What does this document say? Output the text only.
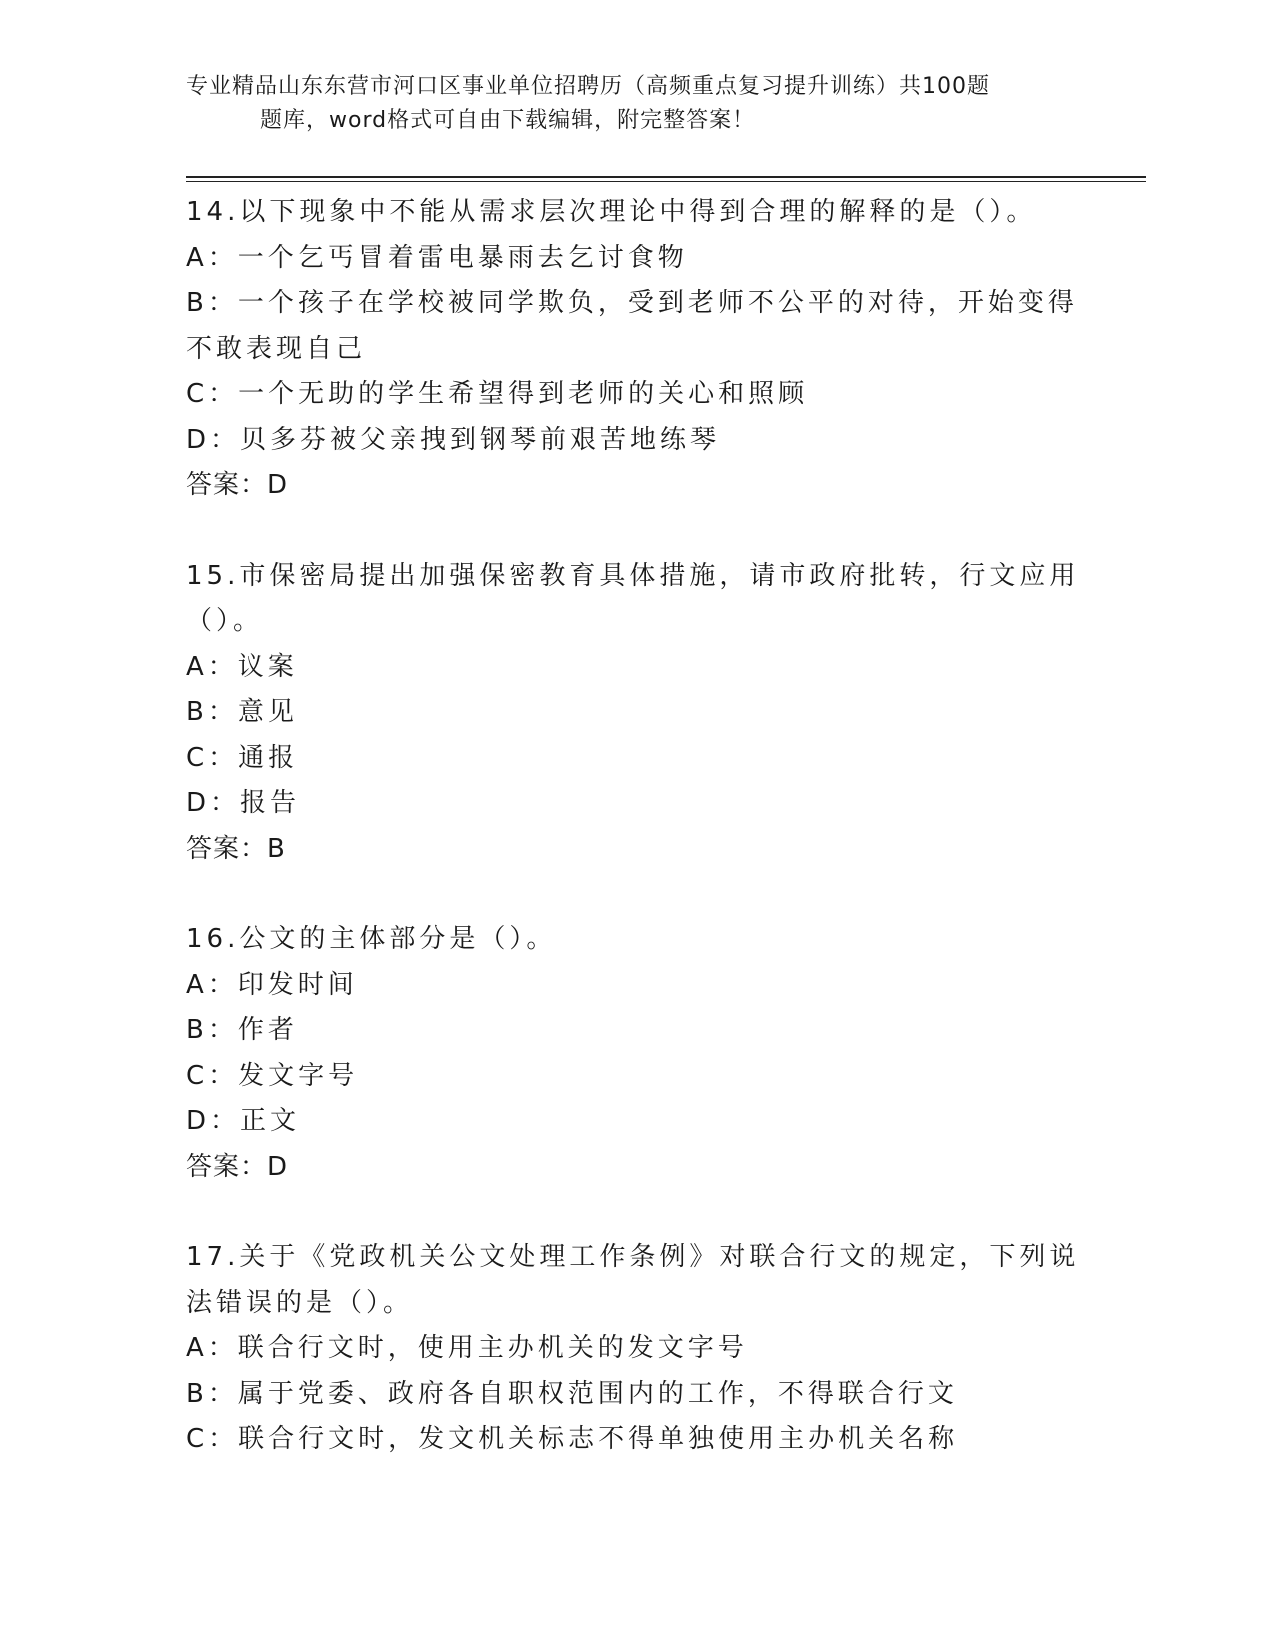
专业精品山东东营市河口区事业单位招聘历（高频重点复习提升训练）共100题
题库，word格式可自由下载编辑，附完整答案！
14.以下现象中不能从需求层次理论中得到合理的解释的是（）。
A：一个乞丐冒着雷电暴雨去乞讨食物
B：一个孩子在学校被同学欺负，受到老师不公平的对待，开始变得不敢表现自己
C：一个无助的学生希望得到老师的关心和照顾
D：贝多芬被父亲拽到钢琴前艰苦地练琴
答案：D
15.市保密局提出加强保密教育具体措施，请市政府批转，行文应用（）。
A：议案
B：意见
C：通报
D：报告
答案：B
16.公文的主体部分是（）。
A：印发时间
B：作者
C：发文字号
D：正文
答案：D
17.关于《党政机关公文处理工作条例》对联合行文的规定，下列说法错误的是（）。
A：联合行文时，使用主办机关的发文字号
B：属于党委、政府各自职权范围内的工作，不得联合行文
C：联合行文时，发文机关标志不得单独使用主办机关名称
